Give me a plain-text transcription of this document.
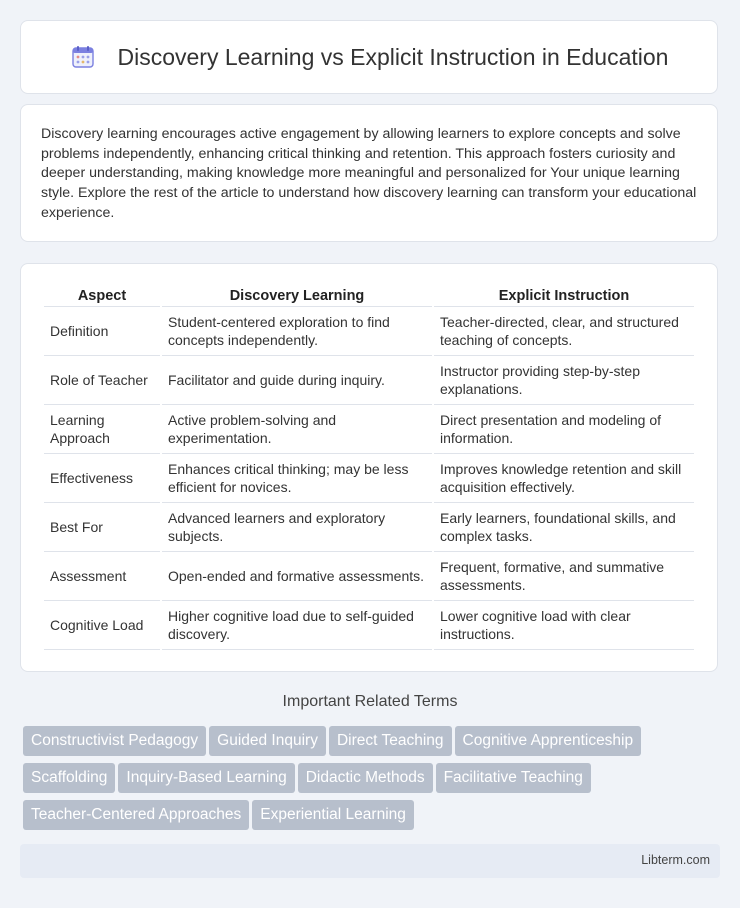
Discovery Learning vs Explicit Instruction in Education

Discovery learning encourages active engagement by allowing learners to explore concepts and solve problems independently, enhancing critical thinking and retention. This approach fosters curiosity and deeper understanding, making knowledge more meaningful and personalized for Your unique learning style. Explore the rest of the article to understand how discovery learning can transform your educational experience.

Aspect	Discovery Learning	Explicit Instruction
Definition	Student-centered exploration to find concepts independently.	Teacher-directed, clear, and structured teaching of concepts.
Role of Teacher	Facilitator and guide during inquiry.	Instructor providing step-by-step explanations.
Learning Approach	Active problem-solving and experimentation.	Direct presentation and modeling of information.
Effectiveness	Enhances critical thinking; may be less efficient for novices.	Improves knowledge retention and skill acquisition effectively.
Best For	Advanced learners and exploratory subjects.	Early learners, foundational skills, and complex tasks.
Assessment	Open-ended and formative assessments.	Frequent, formative, and summative assessments.
Cognitive Load	Higher cognitive load due to self-guided discovery.	Lower cognitive load with clear instructions.
Important Related Terms
Constructivist Pedagogy Guided Inquiry Direct Teaching Cognitive Apprenticeship
Scaffolding Inquiry-Based Learning Didactic Methods Facilitative Teaching
Teacher-Centered Approaches Experiential Learning
Libterm.com
